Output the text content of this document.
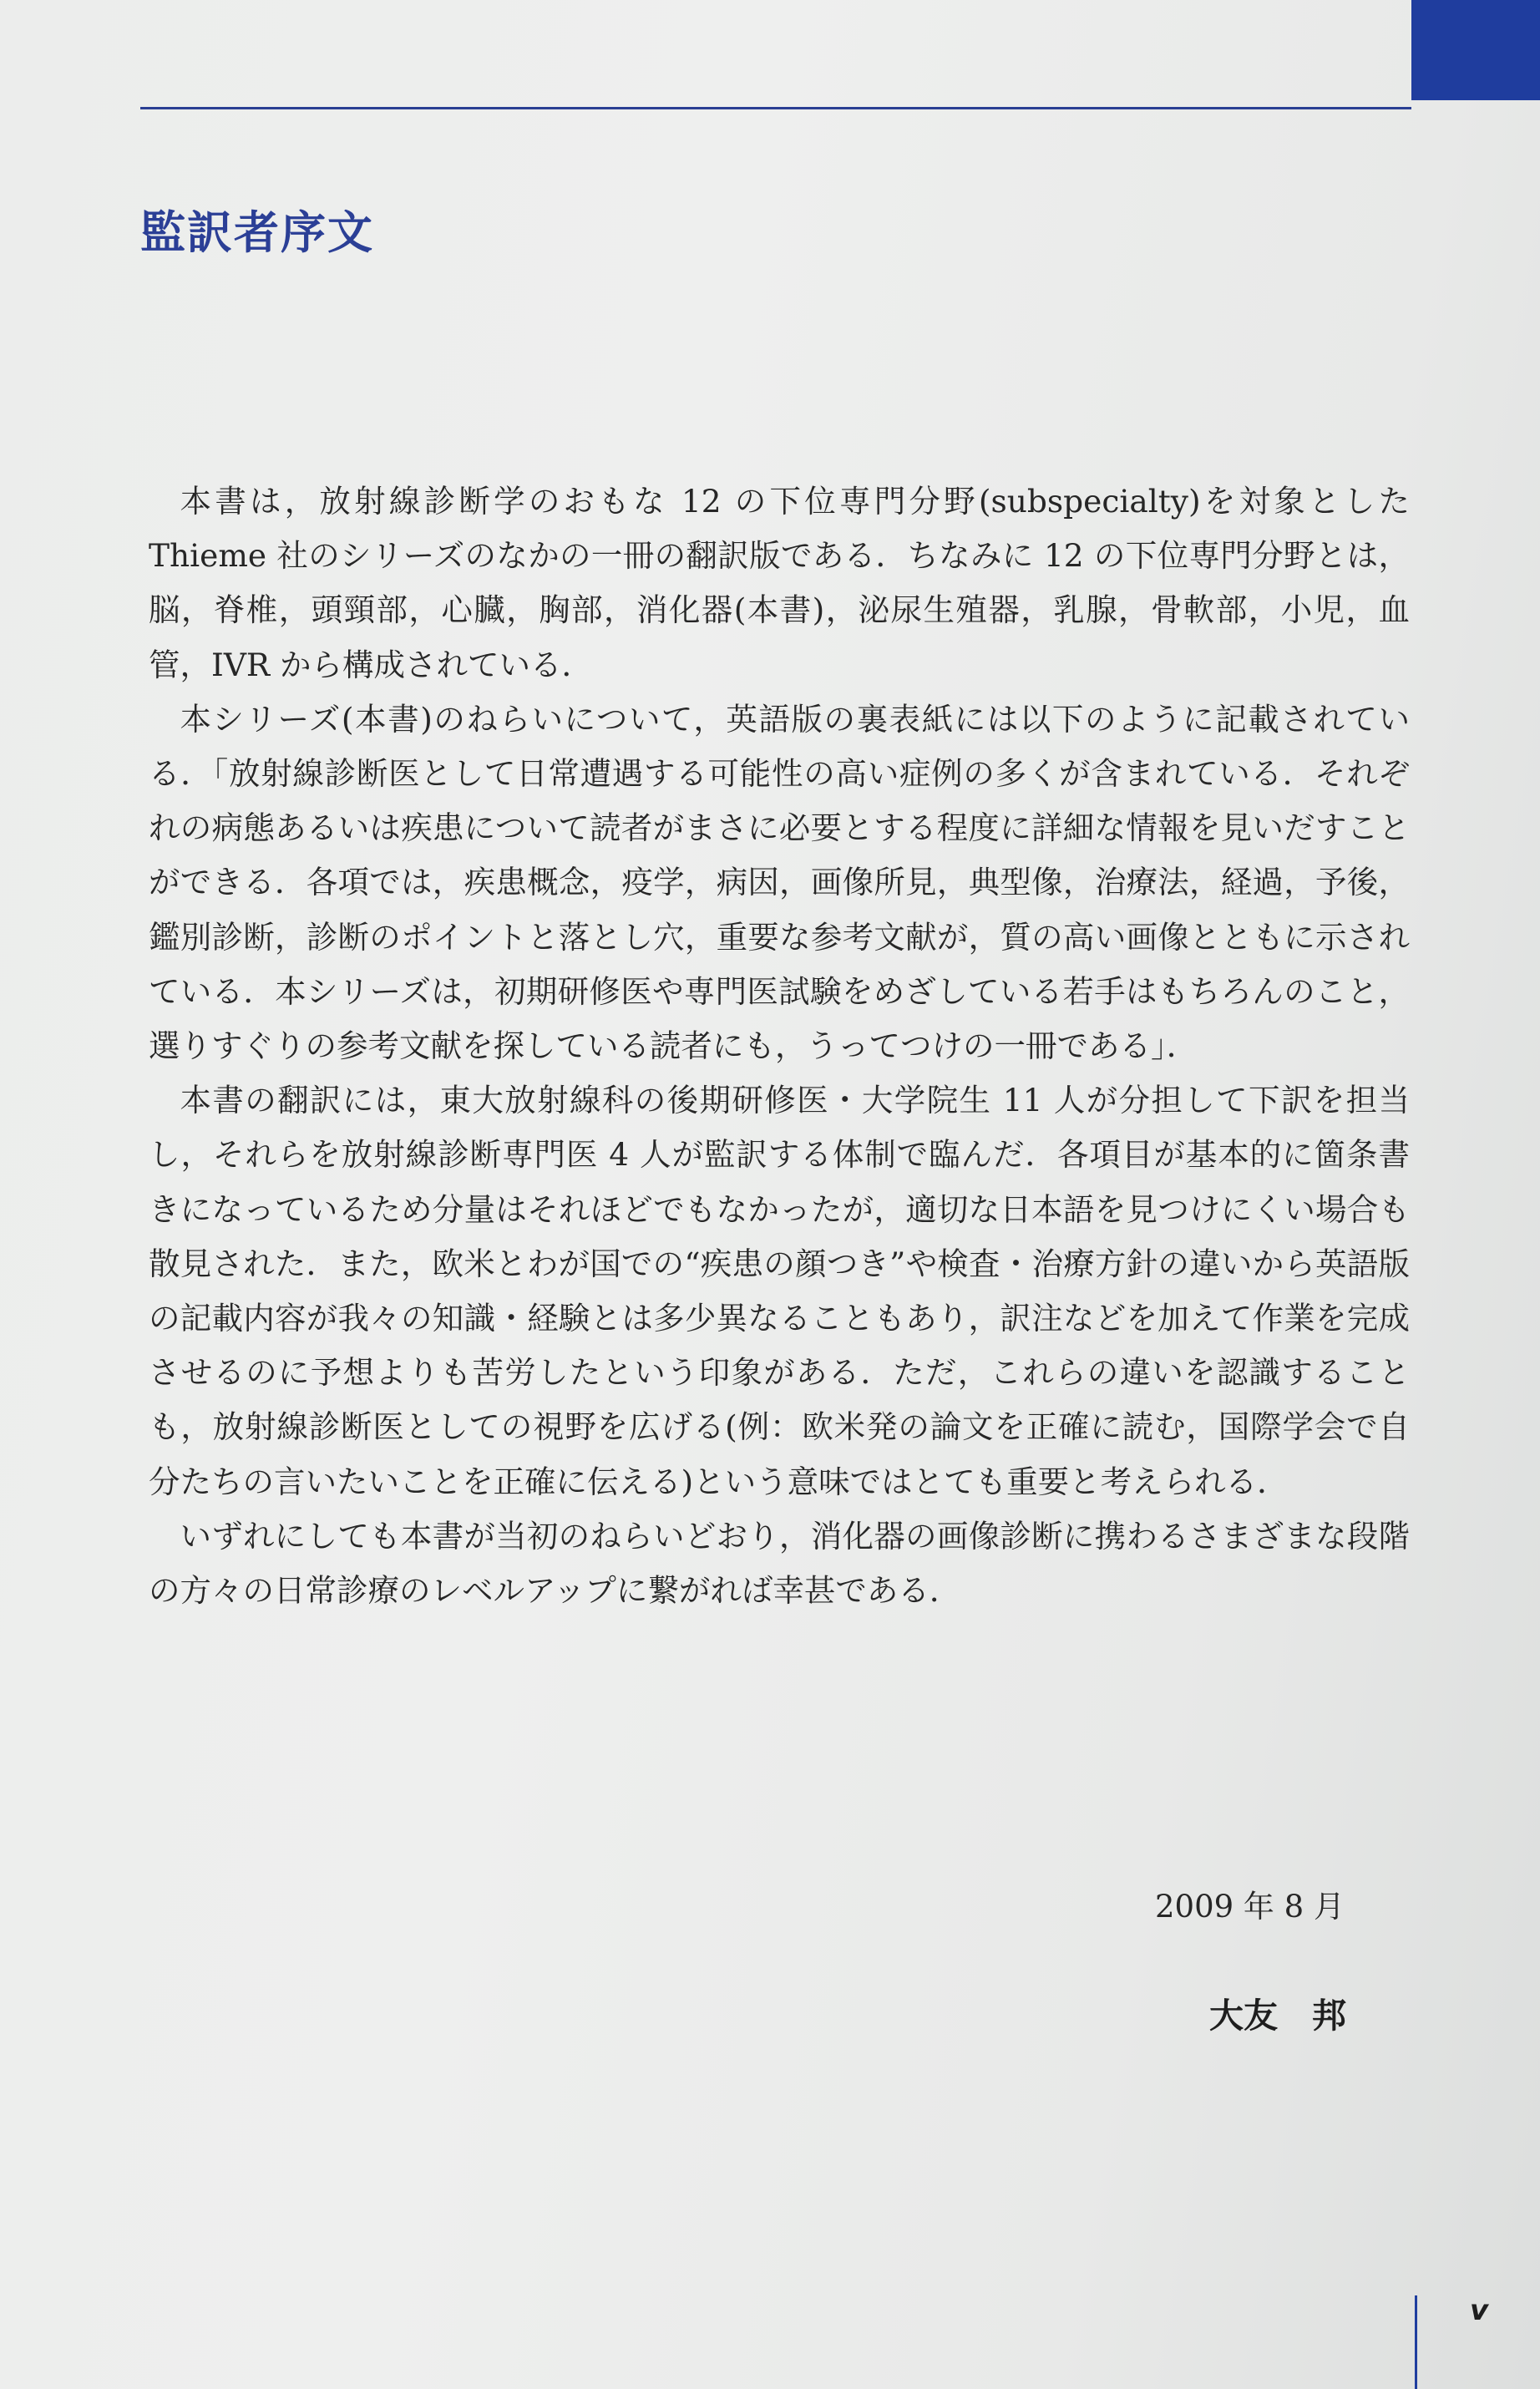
監訳者序文

本書は，放射線診断学のおもな 12 の下位専門分野(subspecialty)を対象とした Thieme 社のシリーズのなかの一冊の翻訳版である．ちなみに 12 の下位専門分野とは，脳，脊椎，頭頸部，心臓，胸部，消化器(本書)，泌尿生殖器，乳腺，骨軟部，小児，血管，IVR から構成されている．

本シリーズ(本書)のねらいについて，英語版の裏表紙には以下のように記載されている．「放射線診断医として日常遭遇する可能性の高い症例の多くが含まれている．それぞれの病態あるいは疾患について読者がまさに必要とする程度に詳細な情報を見いだすことができる．各項では，疾患概念，疫学，病因，画像所見，典型像，治療法，経過，予後，鑑別診断，診断のポイントと落とし穴，重要な参考文献が，質の高い画像とともに示されている．本シリーズは，初期研修医や専門医試験をめざしている若手はもちろんのこと，選りすぐりの参考文献を探している読者にも，うってつけの一冊である」．

本書の翻訳には，東大放射線科の後期研修医・大学院生 11 人が分担して下訳を担当し，それらを放射線診断専門医 4 人が監訳する体制で臨んだ．各項目が基本的に箇条書きになっているため分量はそれほどでもなかったが，適切な日本語を見つけにくい場合も散見された．また，欧米とわが国での“疾患の顔つき”や検査・治療方針の違いから英語版の記載内容が我々の知識・経験とは多少異なることもあり，訳注などを加えて作業を完成させるのに予想よりも苦労したという印象がある．ただ，これらの違いを認識することも，放射線診断医としての視野を広げる(例：欧米発の論文を正確に読む，国際学会で自分たちの言いたいことを正確に伝える)という意味ではとても重要と考えられる．

いずれにしても本書が当初のねらいどおり，消化器の画像診断に携わるさまざまな段階の方々の日常診療のレベルアップに繋がれば幸甚である．

2009 年 8 月
大友　邦
v
